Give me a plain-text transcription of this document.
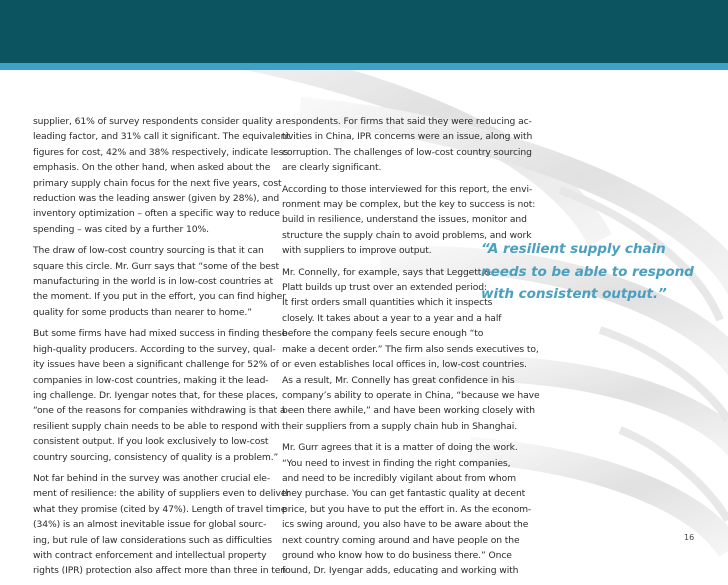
supplier, 61% of survey respondents consider quality a
leading factor, and 31% call it significant. The equivalent
figures for cost, 42% and 38% respectively, indicate less
emphasis. On the other hand, when asked about the
primary supply chain focus for the next five years, cost
reduction was the leading answer (given by 28%), and
inventory optimization – often a specific way to reduce
spending – was cited by a further 10%.

The draw of low-cost country sourcing is that it can
square this circle. Mr. Gurr says that “some of the best
manufacturing in the world is in low-cost countries at
the moment. If you put in the effort, you can find higher
quality for some products than nearer to home.”

But some firms have had mixed success in finding these
high-quality producers. According to the survey, qual-
ity issues have been a significant challenge for 52% of
companies in low-cost countries, making it the lead-
ing challenge. Dr. Iyengar notes that, for these places,
“one of the reasons for companies withdrawing is that a
resilient supply chain needs to be able to respond with
consistent output. If you look exclusively to low-cost
country sourcing, consistency of quality is a problem.”

Not far behind in the survey was another crucial ele-
ment of resilience: the ability of suppliers even to deliver
what they promise (cited by 47%). Length of travel time
(34%) is an almost inevitable issue for global sourc-
ing, but rule of law considerations such as difficulties
with contract enforcement and intellectual property
rights (IPR) protection also affect more than three in ten

respondents. For firms that said they were reducing ac-
tivities in China, IPR concerns were an issue, along with
corruption. The challenges of low-cost country sourcing
are clearly significant.

According to those interviewed for this report, the envi-
ronment may be complex, but the key to success is not:
build in resilience, understand the issues, monitor and
structure the supply chain to avoid problems, and work
with suppliers to improve output.

Mr. Connelly, for example, says that Leggett &
Platt builds up trust over an extended period:
It first orders small quantities which it inspects
closely. It takes about a year to a year and a half
before the company feels secure enough “to
make a decent order.” The firm also sends executives to,
or even establishes local offices in, low-cost countries.
As a result, Mr. Connelly has great confidence in his
company’s ability to operate in China, “because we have
been there awhile,” and have been working closely with
their suppliers from a supply chain hub in Shanghai.

Mr. Gurr agrees that it is a matter of doing the work.
“You need to invest in finding the right companies,
and need to be incredibly vigilant about from whom
they purchase. You can get fantastic quality at decent
price, but you have to put the effort in. As the econom-
ics swing around, you also have to be aware about the
next country coming around and have people on the
ground who know how to do business there.” Once
found, Dr. Iyengar adds, educating and working with

“A resilient supply chain
needs to be able to respond
with consistent output.”
16
